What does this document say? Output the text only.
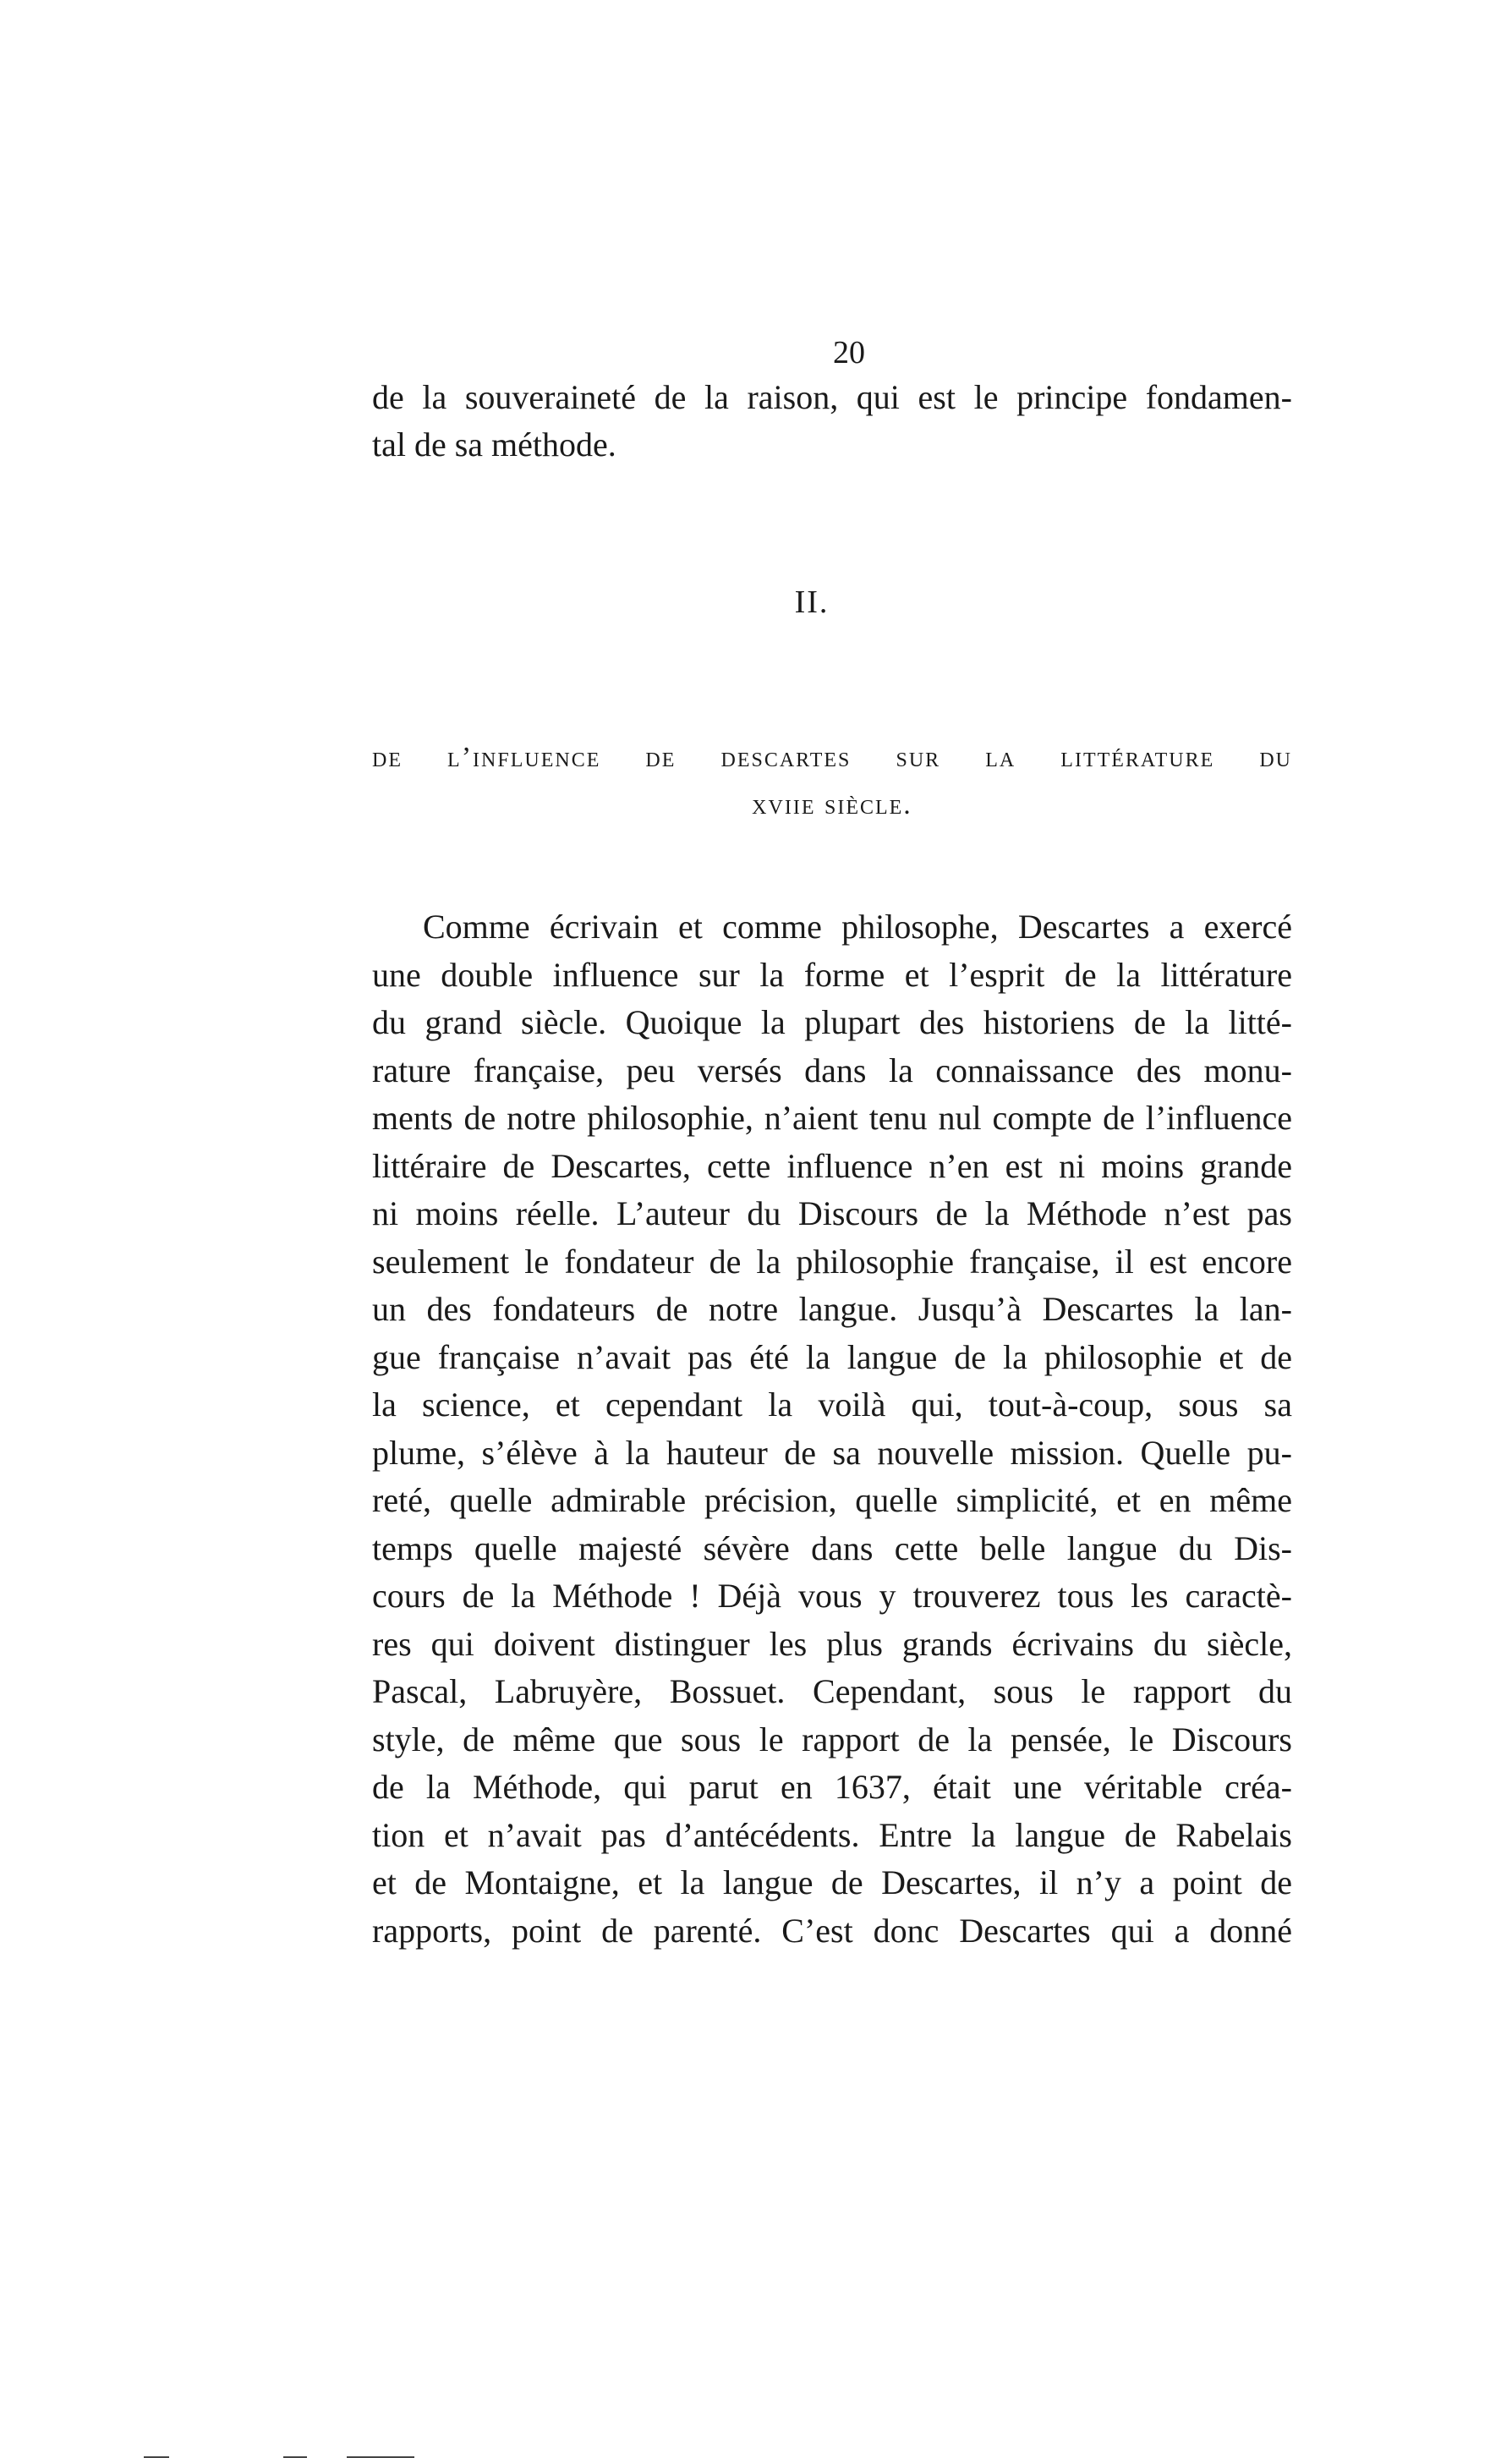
20
de la souveraineté de la raison, qui est le principe fondamen-
tal de sa méthode.
II.
de l’influence de descartes sur la littérature du
xviie siècle.
Comme écrivain et comme philosophe, Descartes a exercé
une double influence sur la forme et l’esprit de la littérature
du grand siècle. Quoique la plupart des historiens de la litté-
rature française, peu versés dans la connaissance des monu-
ments de notre philosophie, n’aient tenu nul compte de l’influence
littéraire de Descartes, cette influence n’en est ni moins grande
ni moins réelle. L’auteur du Discours de la Méthode n’est pas
seulement le fondateur de la philosophie française, il est encore
un des fondateurs de notre langue. Jusqu’à Descartes la lan-
gue française n’avait pas été la langue de la philosophie et de
la science, et cependant la voilà qui, tout-à-coup, sous sa
plume, s’élève à la hauteur de sa nouvelle mission. Quelle pu-
reté, quelle admirable précision, quelle simplicité, et en même
temps quelle majesté sévère dans cette belle langue du Dis-
cours de la Méthode ! Déjà vous y trouverez tous les caractè-
res qui doivent distinguer les plus grands écrivains du siècle,
Pascal, Labruyère, Bossuet. Cependant, sous le rapport du
style, de même que sous le rapport de la pensée, le Discours
de la Méthode, qui parut en 1637, était une véritable créa-
tion et n’avait pas d’antécédents. Entre la langue de Rabelais
et de Montaigne, et la langue de Descartes, il n’y a point de
rapports, point de parenté. C’est donc Descartes qui a donné
